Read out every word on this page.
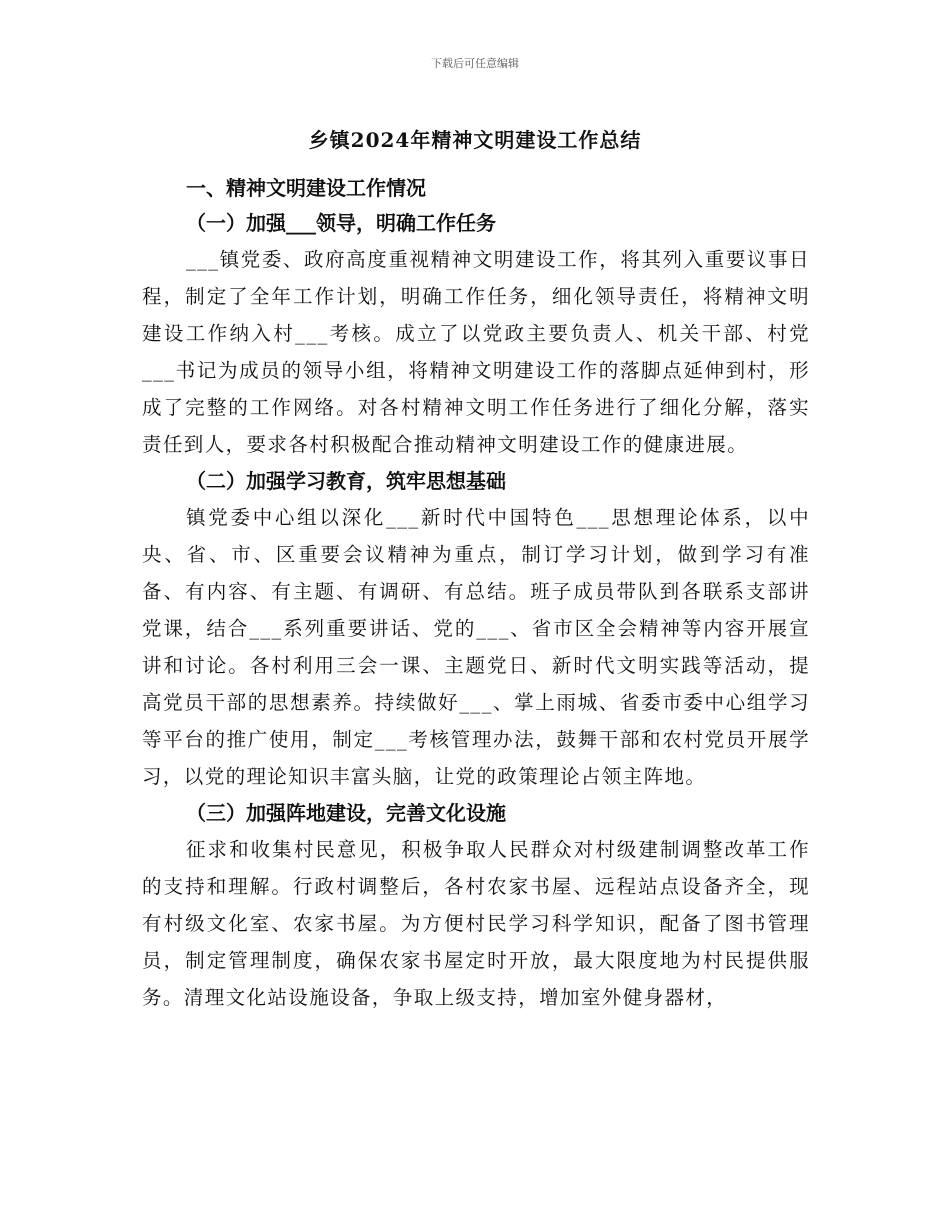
下载后可任意编辑
乡镇2024年精神文明建设工作总结
一、精神文明建设工作情况
（一）加强___领导，明确工作任务

___镇党委、政府高度重视精神文明建设工作，将其列入重要议事日程，制定了全年工作计划，明确工作任务，细化领导责任，将精神文明建设工作纳入村___考核。成立了以党政主要负责人、机关干部、村党___书记为成员的领导小组，将精神文明建设工作的落脚点延伸到村，形成了完整的工作网络。对各村精神文明工作任务进行了细化分解，落实责任到人，要求各村积极配合推动精神文明建设工作的健康进展。

（二）加强学习教育，筑牢思想基础

镇党委中心组以深化___新时代中国特色___思想理论体系，以中央、省、市、区重要会议精神为重点，制订学习计划，做到学习有准备、有内容、有主题、有调研、有总结。班子成员带队到各联系支部讲党课，结合___系列重要讲话、党的___、省市区全会精神等内容开展宣讲和讨论。各村利用三会一课、主题党日、新时代文明实践等活动，提高党员干部的思想素养。持续做好___、掌上雨城、省委市委中心组学习等平台的推广使用，制定___考核管理办法，鼓舞干部和农村党员开展学习，以党的理论知识丰富头脑，让党的政策理论占领主阵地。

（三）加强阵地建设，完善文化设施

征求和收集村民意见，积极争取人民群众对村级建制调整改革工作的支持和理解。行政村调整后，各村农家书屋、远程站点设备齐全，现有村级文化室、农家书屋。为方便村民学习科学知识，配备了图书管理员，制定管理制度，确保农家书屋定时开放，最大限度地为村民提供服务。清理文化站设施设备，争取上级支持，增加室外健身器材，
